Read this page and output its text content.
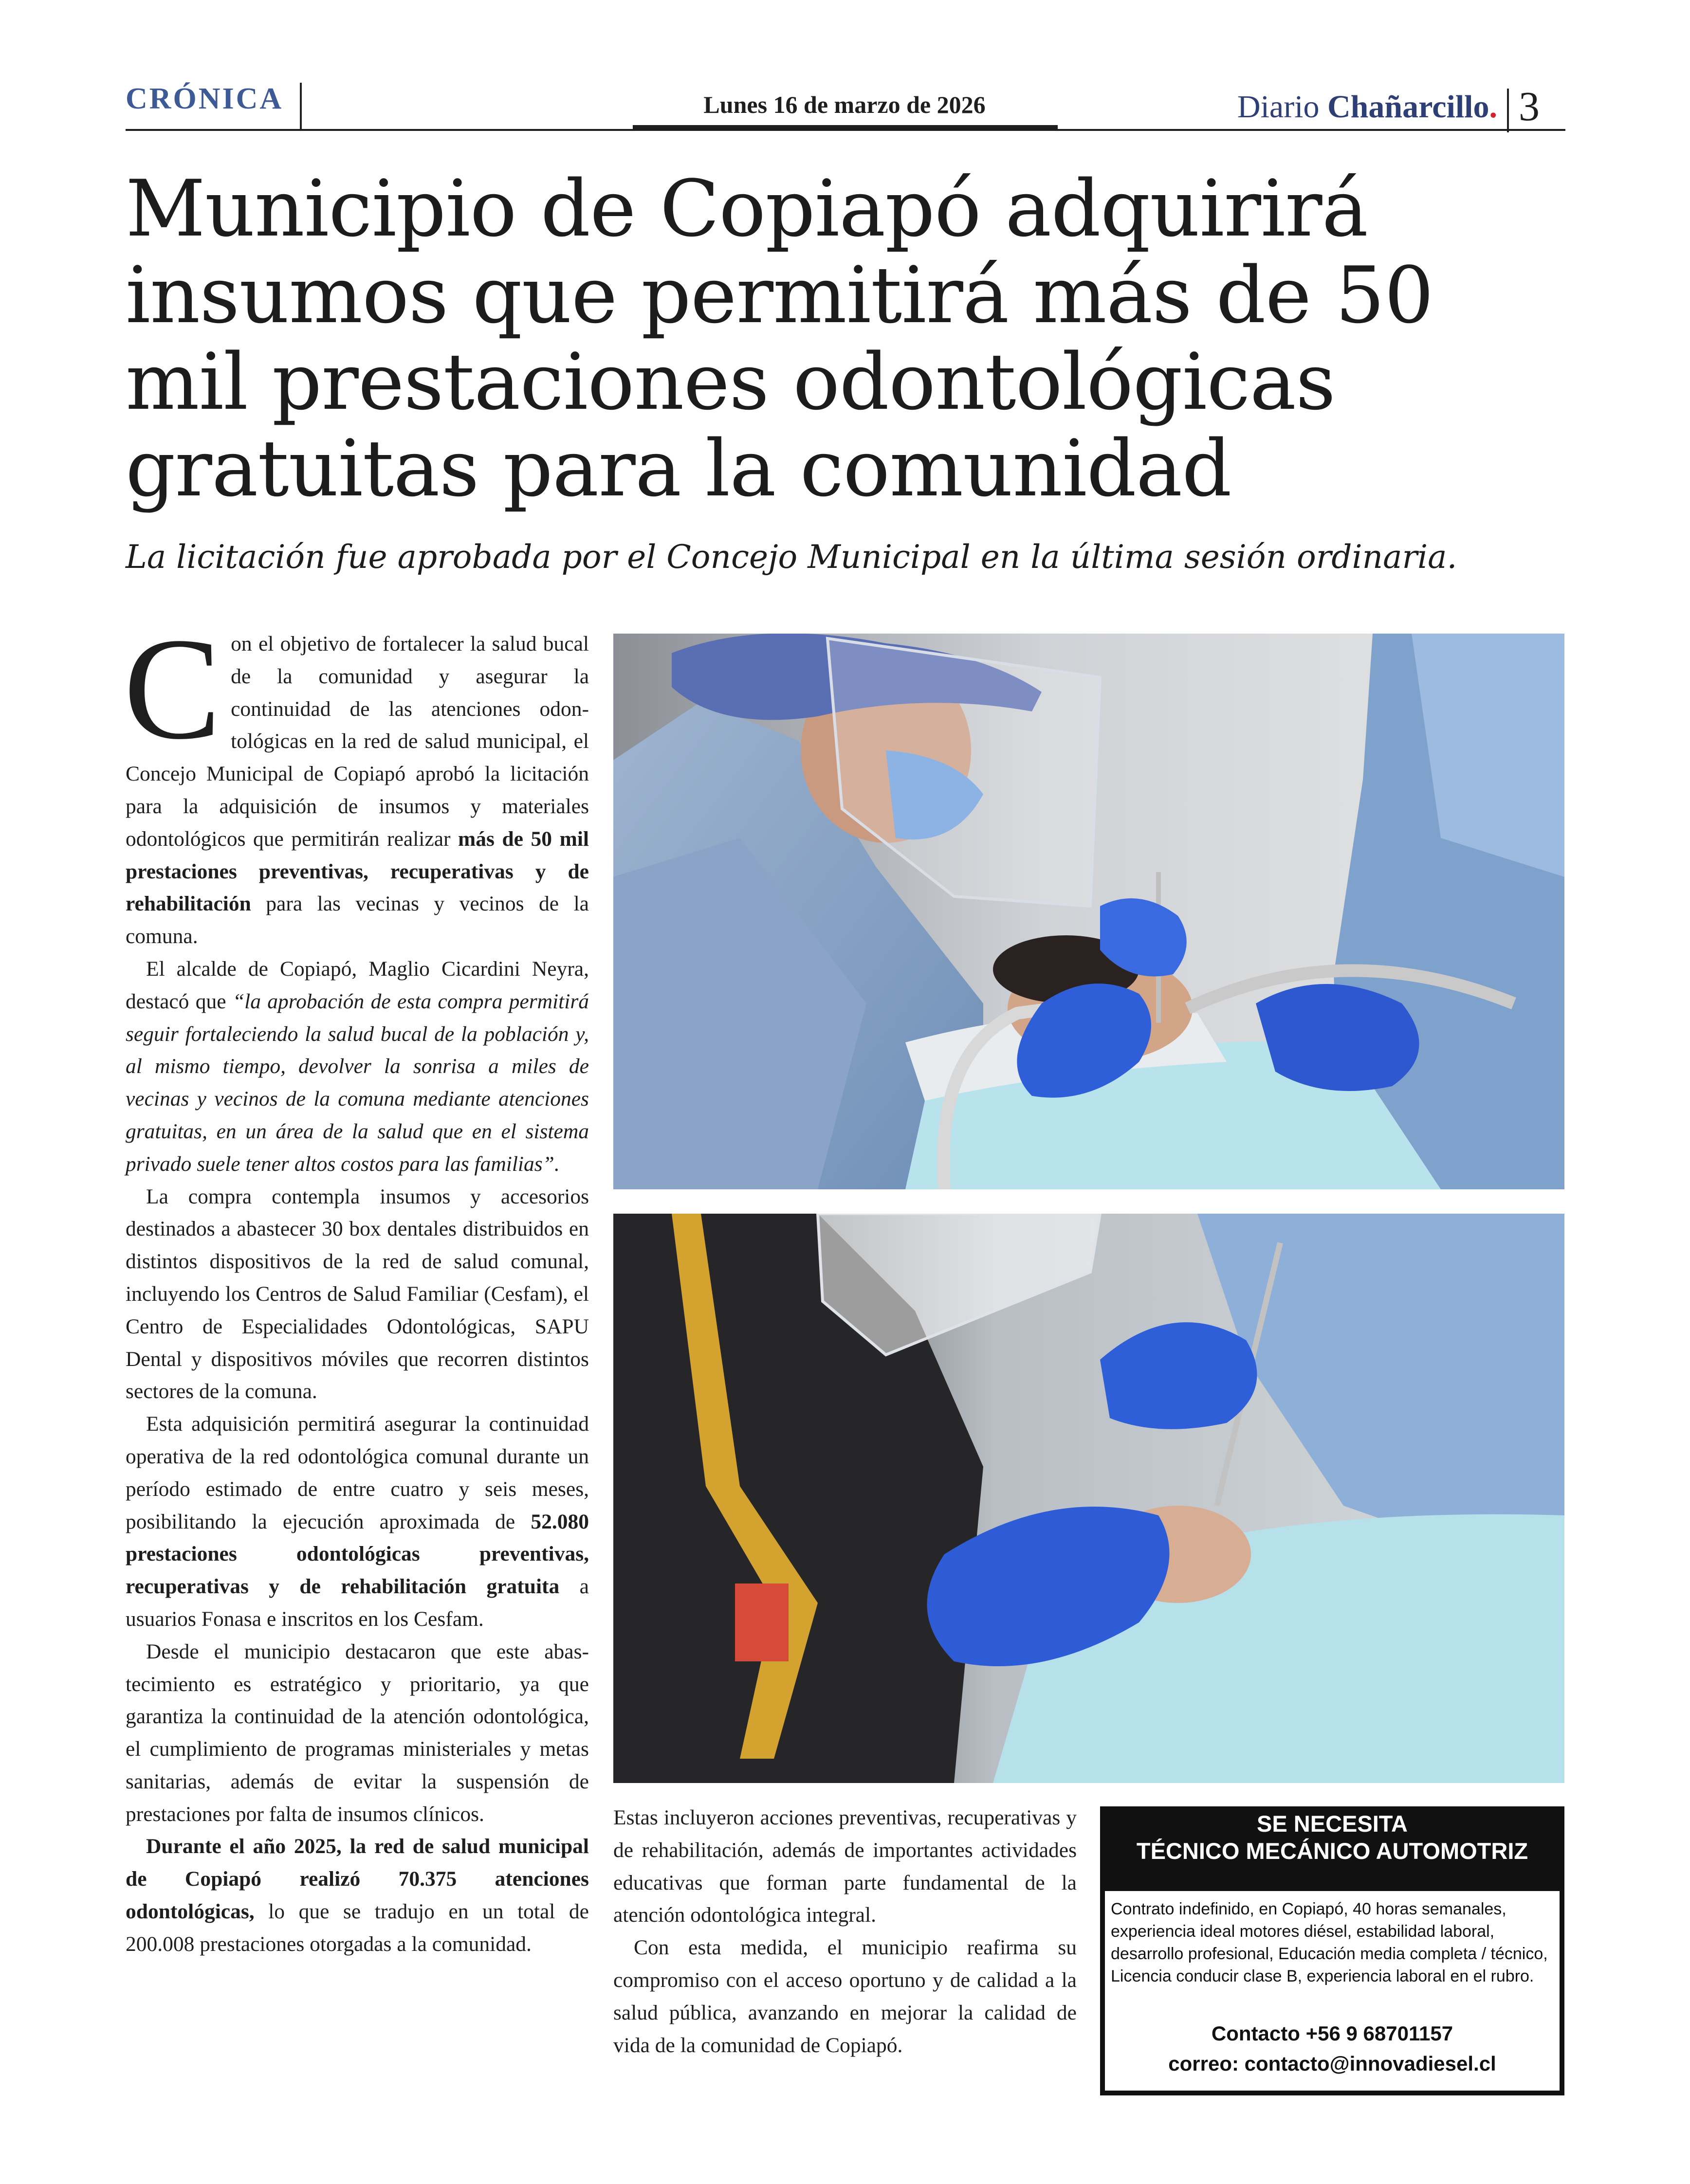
CRÓNICA	Lunes 16 de marzo de 2026	Diario Chañarcillo. 3
Municipio de Copiapó adquirirá insumos que permitirá más de 50 mil prestaciones odontológicas gratuitas para la comunidad
La licitación fue aprobada por el Concejo Municipal en la última sesión ordinaria.

Con el objetivo de fortalecer la salud bucal de la comunidad y asegurar la continuidad de las atenciones odontológicas en la red de salud municipal, el Concejo Municipal de Copiapó aprobó la licitación para la adquisición de insumos y materiales odontológicos que permitirán realizar más de 50 mil prestaciones preventivas, recuperativas y de rehabilitación para las vecinas y vecinos de la comuna.

El alcalde de Copiapó, Maglio Cicardini Neyra, destacó que “la aprobación de esta compra permitirá seguir fortaleciendo la salud bucal de la población y, al mismo tiempo, devolver la sonrisa a miles de vecinas y vecinos de la comuna mediante atenciones gratuitas, en un área de la salud que en el sistema privado suele tener altos costos para las familias”.

La compra contempla insumos y accesorios destinados a abastecer 30 box dentales distribuidos en distintos dispositivos de la red de salud comunal, incluyendo los Centros de Salud Familiar (Cesfam), el Centro de Especialidades Odontológicas, SAPU Dental y dispositivos móviles que recorren distintos sectores de la comuna.

Esta adquisición permitirá asegurar la continuidad operativa de la red odontológica comunal durante un período estimado de entre cuatro y seis meses, posibilitando la ejecución aproximada de 52.080 prestaciones odontológicas preventivas, recuperativas y de rehabilitación gratuita a usuarios Fonasa e inscritos en los Cesfam.

Desde el municipio destacaron que este abastecimiento es estratégico y prioritario, ya que garantiza la continuidad de la atención odontológica, el cumplimiento de programas ministeriales y metas sanitarias, además de evitar la suspensión de prestaciones por falta de insumos clínicos.

Durante el año 2025, la red de salud municipal de Copiapó realizó 70.375 atenciones odontológicas, lo que se tradujo en un total de 200.008 prestaciones otorgadas a la comunidad.

Estas incluyeron acciones preventivas, recuperativas y de rehabilitación, además de importantes actividades educativas que forman parte fundamental de la atención odontológica integral.

Con esta medida, el municipio reafirma su compromiso con el acceso oportuno y de calidad a la salud pública, avanzando en mejorar la calidad de vida de la comunidad de Copiapó.

SE NECESITA
TÉCNICO MECÁNICO AUTOMOTRIZ
Contrato indefinido, en Copiapó, 40 horas semanales, experiencia ideal motores diésel, estabilidad laboral, desarrollo profesional, Educación media completa / técnico, Licencia conducir clase B, experiencia laboral en el rubro.
Contacto +56 9 68701157
correo: contacto@innovadiesel.cl
